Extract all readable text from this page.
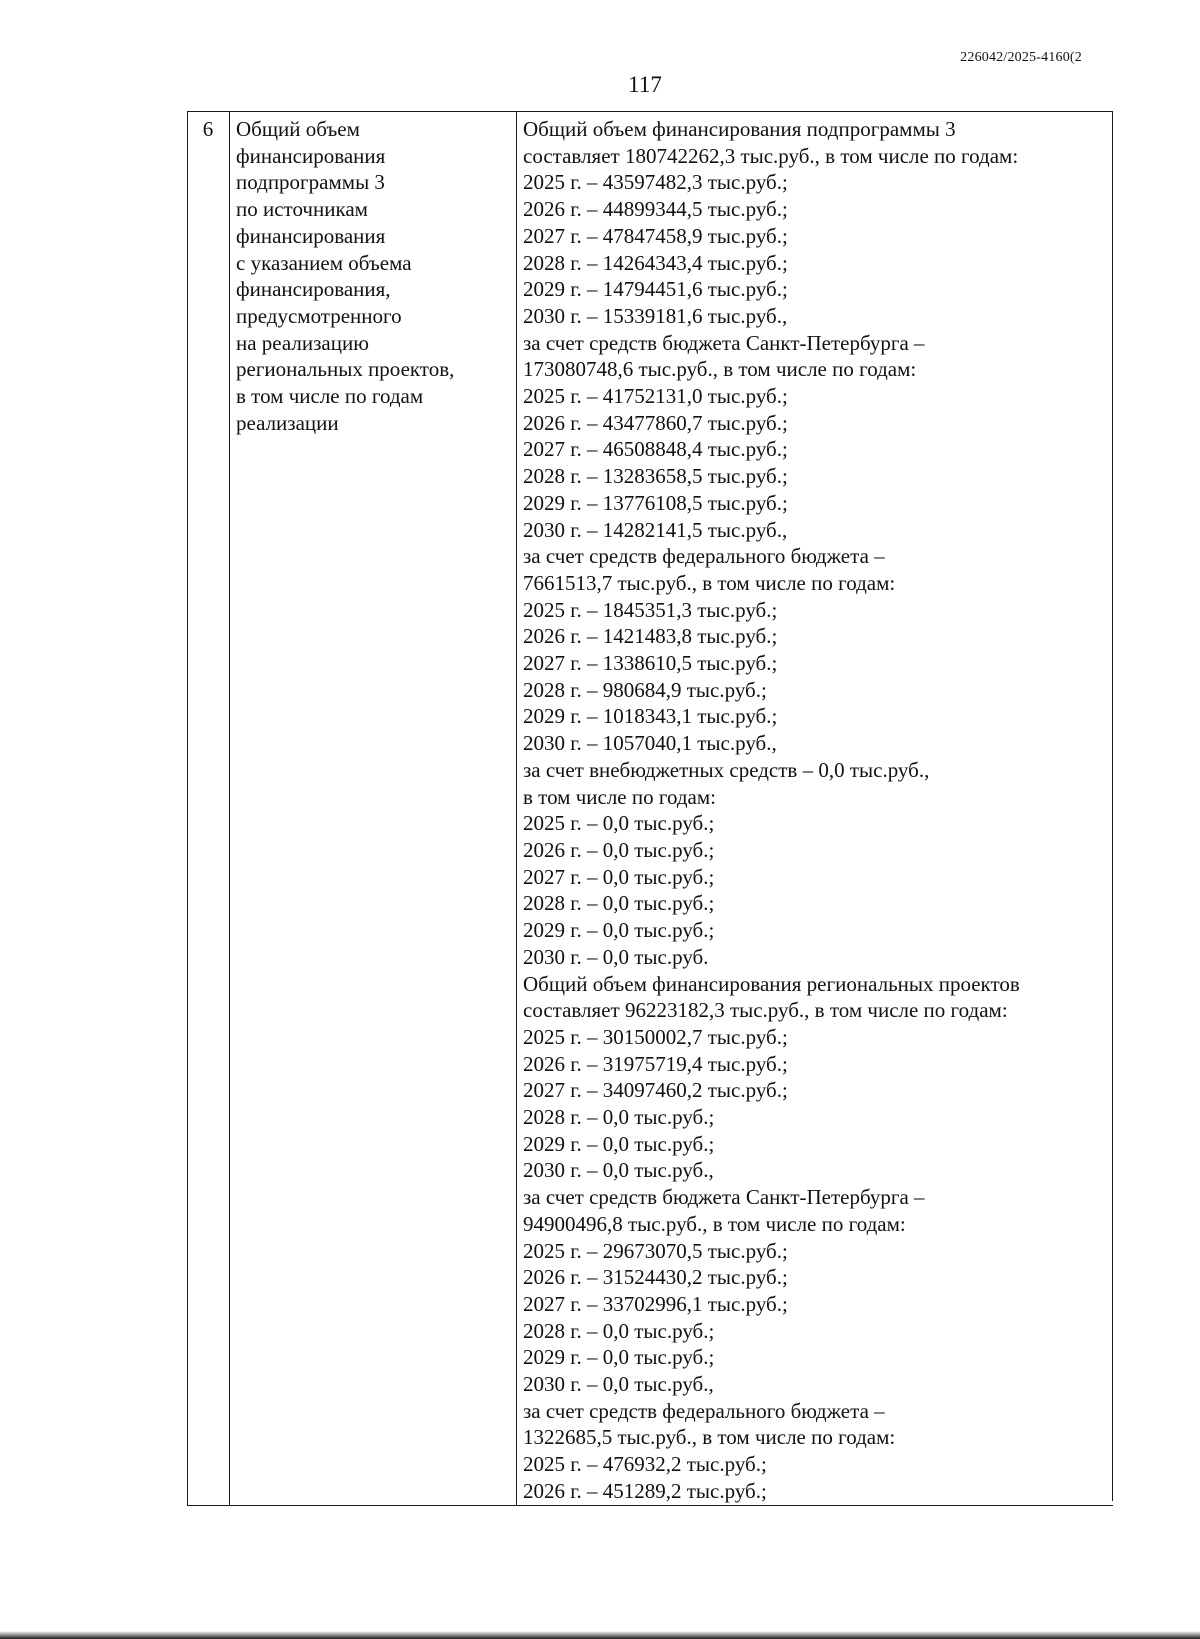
226042/2025-4160(2
117
6	Общий объем
финансирования
подпрограммы 3
по источникам
финансирования
с указанием объема
финансирования,
предусмотренного
на реализацию
региональных проектов,
в том числе по годам
реализации
Общий объем финансирования подпрограммы 3
составляет 180742262,3 тыс.руб., в том числе по годам:
2025 г. – 43597482,3 тыс.руб.;
2026 г. – 44899344,5 тыс.руб.;
2027 г. – 47847458,9 тыс.руб.;
2028 г. – 14264343,4 тыс.руб.;
2029 г. – 14794451,6 тыс.руб.;
2030 г. – 15339181,6 тыс.руб.,
за счет средств бюджета Санкт-Петербурга –
173080748,6 тыс.руб., в том числе по годам:
2025 г. – 41752131,0 тыс.руб.;
2026 г. – 43477860,7 тыс.руб.;
2027 г. – 46508848,4 тыс.руб.;
2028 г. – 13283658,5 тыс.руб.;
2029 г. – 13776108,5 тыс.руб.;
2030 г. – 14282141,5 тыс.руб.,
за счет средств федерального бюджета –
7661513,7 тыс.руб., в том числе по годам:
2025 г. – 1845351,3 тыс.руб.;
2026 г. – 1421483,8 тыс.руб.;
2027 г. – 1338610,5 тыс.руб.;
2028 г. – 980684,9 тыс.руб.;
2029 г. – 1018343,1 тыс.руб.;
2030 г. – 1057040,1 тыс.руб.,
за счет внебюджетных средств – 0,0 тыс.руб.,
в том числе по годам:
2025 г. – 0,0 тыс.руб.;
2026 г. – 0,0 тыс.руб.;
2027 г. – 0,0 тыс.руб.;
2028 г. – 0,0 тыс.руб.;
2029 г. – 0,0 тыс.руб.;
2030 г. – 0,0 тыс.руб.
Общий объем финансирования региональных проектов
составляет 96223182,3 тыс.руб., в том числе по годам:
2025 г. – 30150002,7 тыс.руб.;
2026 г. – 31975719,4 тыс.руб.;
2027 г. – 34097460,2 тыс.руб.;
2028 г. – 0,0 тыс.руб.;
2029 г. – 0,0 тыс.руб.;
2030 г. – 0,0 тыс.руб.,
за счет средств бюджета Санкт-Петербурга –
94900496,8 тыс.руб., в том числе по годам:
2025 г. – 29673070,5 тыс.руб.;
2026 г. – 31524430,2 тыс.руб.;
2027 г. – 33702996,1 тыс.руб.;
2028 г. – 0,0 тыс.руб.;
2029 г. – 0,0 тыс.руб.;
2030 г. – 0,0 тыс.руб.,
за счет средств федерального бюджета –
1322685,5 тыс.руб., в том числе по годам:
2025 г. – 476932,2 тыс.руб.;
2026 г. – 451289,2 тыс.руб.;
